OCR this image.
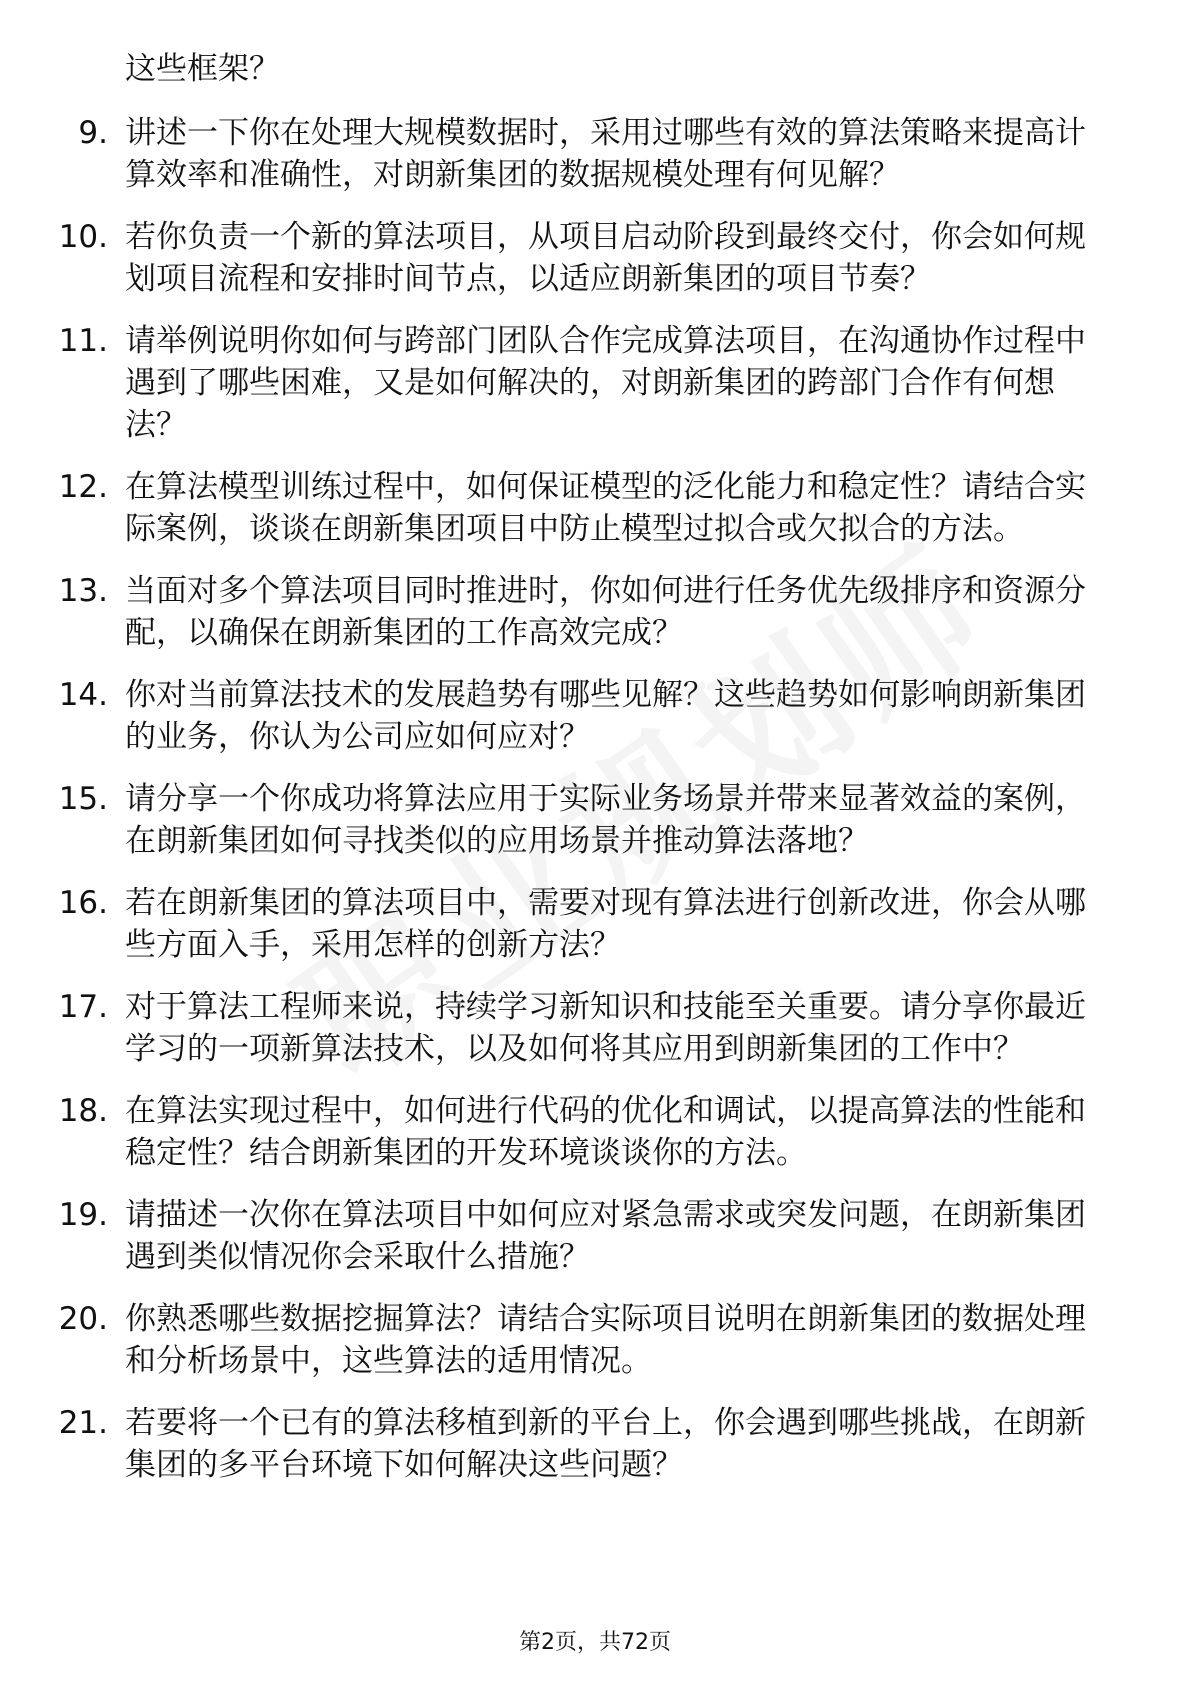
这些框架？
9. 讲述一下你在处理大规模数据时，采用过哪些有效的算法策略来提高计算效率和准确性，对朗新集团的数据规模处理有何见解？
10. 若你负责一个新的算法项目，从项目启动阶段到最终交付，你会如何规划项目流程和安排时间节点，以适应朗新集团的项目节奏？
11. 请举例说明你如何与跨部门团队合作完成算法项目，在沟通协作过程中遇到了哪些困难，又是如何解决的，对朗新集团的跨部门合作有何想法？
12. 在算法模型训练过程中，如何保证模型的泛化能力和稳定性？请结合实际案例，谈谈在朗新集团项目中防止模型过拟合或欠拟合的方法。
13. 当面对多个算法项目同时推进时，你如何进行任务优先级排序和资源分配，以确保在朗新集团的工作高效完成？
14. 你对当前算法技术的发展趋势有哪些见解？这些趋势如何影响朗新集团的业务，你认为公司应如何应对？
15. 请分享一个你成功将算法应用于实际业务场景并带来显著效益的案例，在朗新集团如何寻找类似的应用场景并推动算法落地？
16. 若在朗新集团的算法项目中，需要对现有算法进行创新改进，你会从哪些方面入手，采用怎样的创新方法？
17. 对于算法工程师来说，持续学习新知识和技能至关重要。请分享你最近学习的一项新算法技术，以及如何将其应用到朗新集团的工作中？
18. 在算法实现过程中，如何进行代码的优化和调试，以提高算法的性能和稳定性？结合朗新集团的开发环境谈谈你的方法。
19. 请描述一次你在算法项目中如何应对紧急需求或突发问题，在朗新集团遇到类似情况你会采取什么措施？
20. 你熟悉哪些数据挖掘算法？请结合实际项目说明在朗新集团的数据处理和分析场景中，这些算法的适用情况。
21. 若要将一个已有的算法移植到新的平台上，你会遇到哪些挑战，在朗新集团的多平台环境下如何解决这些问题？
第2页，共72页
